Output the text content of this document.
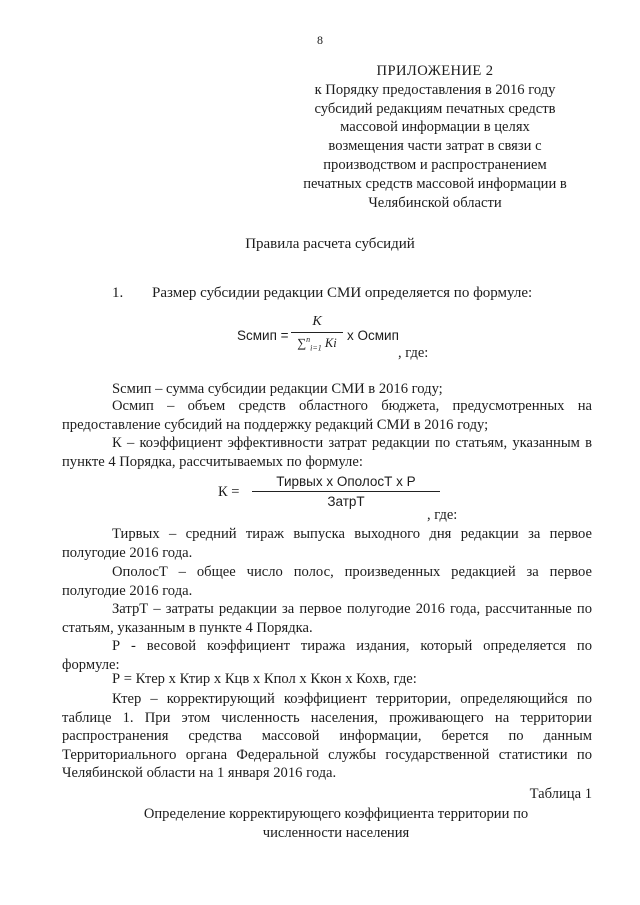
8
ПРИЛОЖЕНИЕ 2
к Порядку предоставления в 2016 году
субсидий редакциям печатных средств
массовой информации в целях
возмещения части затрат в связи с
производством и распространением
печатных средств массовой информации в
Челябинской области
Правила расчета субсидий
1. Размер субсидии редакции СМИ определяется по формуле:
Sсмип =
K
∑$^n_{i=1}$ Ki
x Осмип
, где:

Sсмип – сумма субсидии редакции СМИ в 2016 году;

Осмип – объем средств областного бюджета, предусмотренных на предоставление субсидий на поддержку редакций СМИ в 2016 году;

К – коэффициент эффективности затрат редакции по статьям, указанным в пункте 4 Порядка, рассчитываемых по формуле:

К =
Тирвых х ОполосТ х Р
ЗатрТ
, где:

Тирвых – средний тираж выпуска выходного дня редакции за первое полугодие 2016 года.

ОполосТ – общее число полос, произведенных редакцией за первое полугодие 2016 года.

ЗатрТ – затраты редакции за первое полугодие 2016 года, рассчитанные по статьям, указанным в пункте 4 Порядка.

Р - весовой коэффициент тиража издания, который определяется по формуле:

Р = Ктер х Ктир х Кцв х Кпол х Ккон х Кохв, где:

Ктер – корректирующий коэффициент территории, определяющийся по таблице 1. При этом численность населения, проживающего на территории распространения средства массовой информации, берется по данным Территориального органа Федеральной службы государственной статистики по Челябинской области на 1 января 2016 года.

Таблица 1
Определение корректирующего коэффициента территории по
численности населения
